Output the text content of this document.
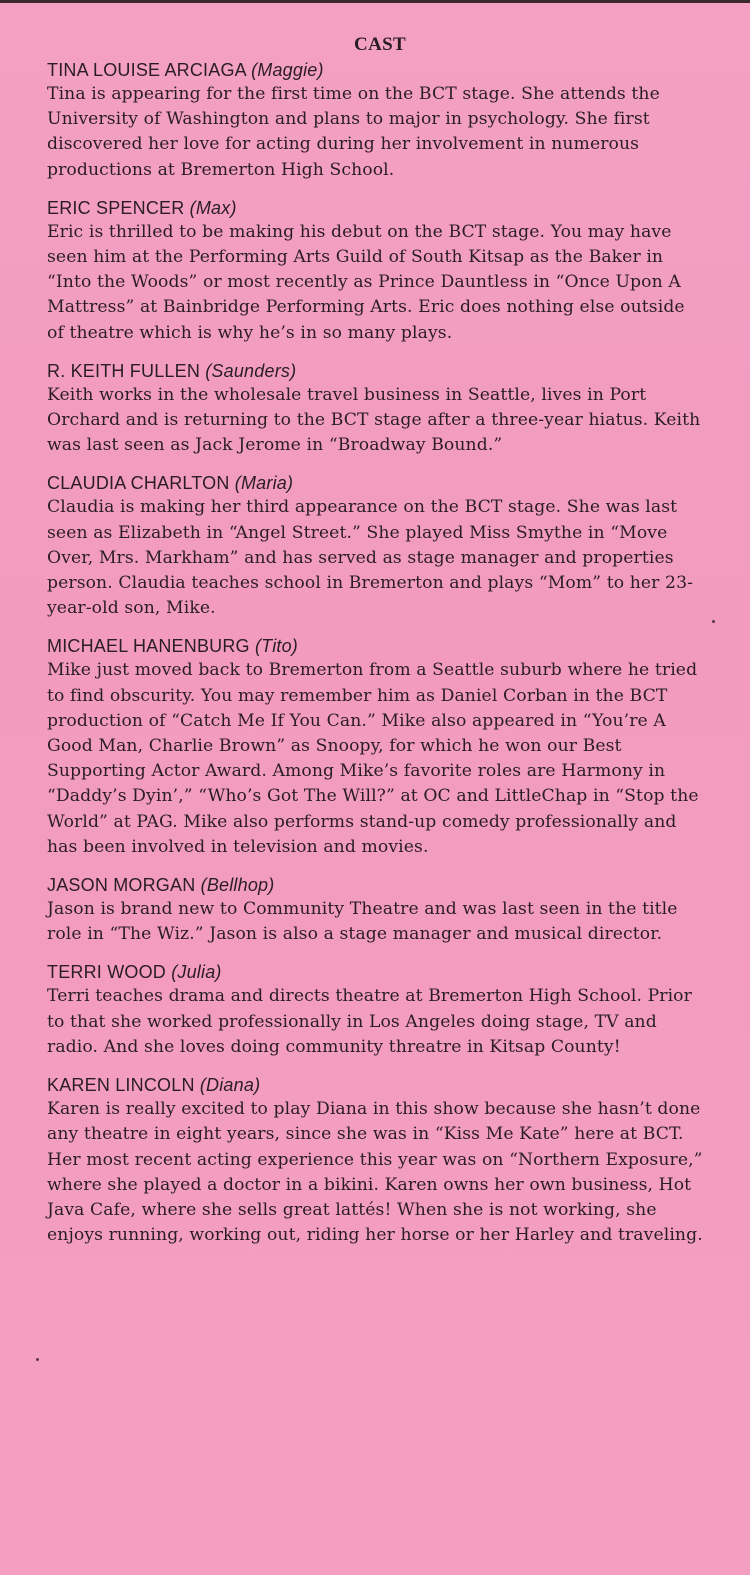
CAST
TINA LOUISE ARCIAGA (Maggie)
Tina is appearing for the first time on the BCT stage. She attends the University of Washington and plans to major in psychology. She first discovered her love for acting during her involvement in numerous productions at Bremerton High School.
ERIC SPENCER (Max)
Eric is thrilled to be making his debut on the BCT stage. You may have seen him at the Performing Arts Guild of South Kitsap as the Baker in “Into the Woods” or most recently as Prince Dauntless in “Once Upon A Mattress” at Bainbridge Performing Arts. Eric does nothing else outside of theatre which is why he’s in so many plays.
R. KEITH FULLEN (Saunders)
Keith works in the wholesale travel business in Seattle, lives in Port Orchard and is returning to the BCT stage after a three-year hiatus. Keith was last seen as Jack Jerome in “Broadway Bound.”
CLAUDIA CHARLTON (Maria)
Claudia is making her third appearance on the BCT stage. She was last seen as Elizabeth in “Angel Street.” She played Miss Smythe in “Move Over, Mrs. Markham” and has served as stage manager and properties person. Claudia teaches school in Bremerton and plays “Mom” to her 23-year-old son, Mike.
MICHAEL HANENBURG (Tito)
Mike just moved back to Bremerton from a Seattle suburb where he tried to find obscurity. You may remember him as Daniel Corban in the BCT production of “Catch Me If You Can.” Mike also appeared in “You’re A Good Man, Charlie Brown” as Snoopy, for which he won our Best Supporting Actor Award. Among Mike’s favorite roles are Harmony in “Daddy’s Dyin’,” “Who’s Got The Will?” at OC and LittleChap in “Stop the World” at PAG. Mike also performs stand-up comedy professionally and has been involved in television and movies.
JASON MORGAN (Bellhop)
Jason is brand new to Community Theatre and was last seen in the title role in “The Wiz.” Jason is also a stage manager and musical director.
TERRI WOOD (Julia)
Terri teaches drama and directs theatre at Bremerton High School. Prior to that she worked professionally in Los Angeles doing stage, TV and radio. And she loves doing community threatre in Kitsap County!
KAREN LINCOLN (Diana)
Karen is really excited to play Diana in this show because she hasn’t done any theatre in eight years, since she was in “Kiss Me Kate” here at BCT. Her most recent acting experience this year was on “Northern Exposure,” where she played a doctor in a bikini. Karen owns her own business, Hot Java Cafe, where she sells great lattés! When she is not working, she enjoys running, working out, riding her horse or her Harley and traveling.
